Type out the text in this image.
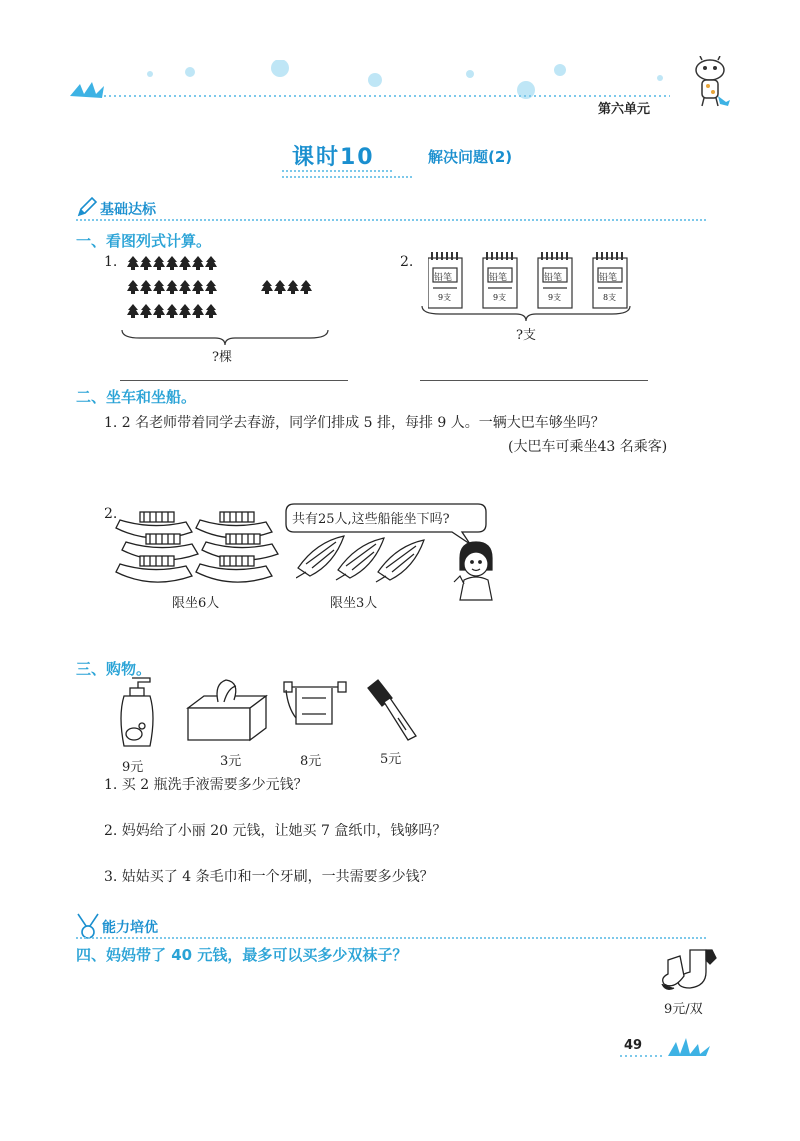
第六单元
课时10	解决问题(2)
基础达标
一、看图列式计算。
1.
?棵
2.
铅笔
9支
铅笔
9支
铅笔
9支
铅笔
8支
?支
二、坐车和坐船。
1. 2 名老师带着同学去春游，同学们排成 5 排，每排 9 人。一辆大巴车够坐吗？
(大巴车可乘坐43 名乘客)
2.
限坐6人	限坐3人
共有25人,这些船能坐下吗?
三、购物。
9元	3元	8元	5元
1. 买 2 瓶洗手液需要多少元钱？
2. 妈妈给了小丽 20 元钱，让她买 7 盒纸巾，钱够吗？
3. 姑姑买了 4 条毛巾和一个牙刷，一共需要多少钱？
能力培优
四、妈妈带了 40 元钱，最多可以买多少双袜子？
9元/双
49
